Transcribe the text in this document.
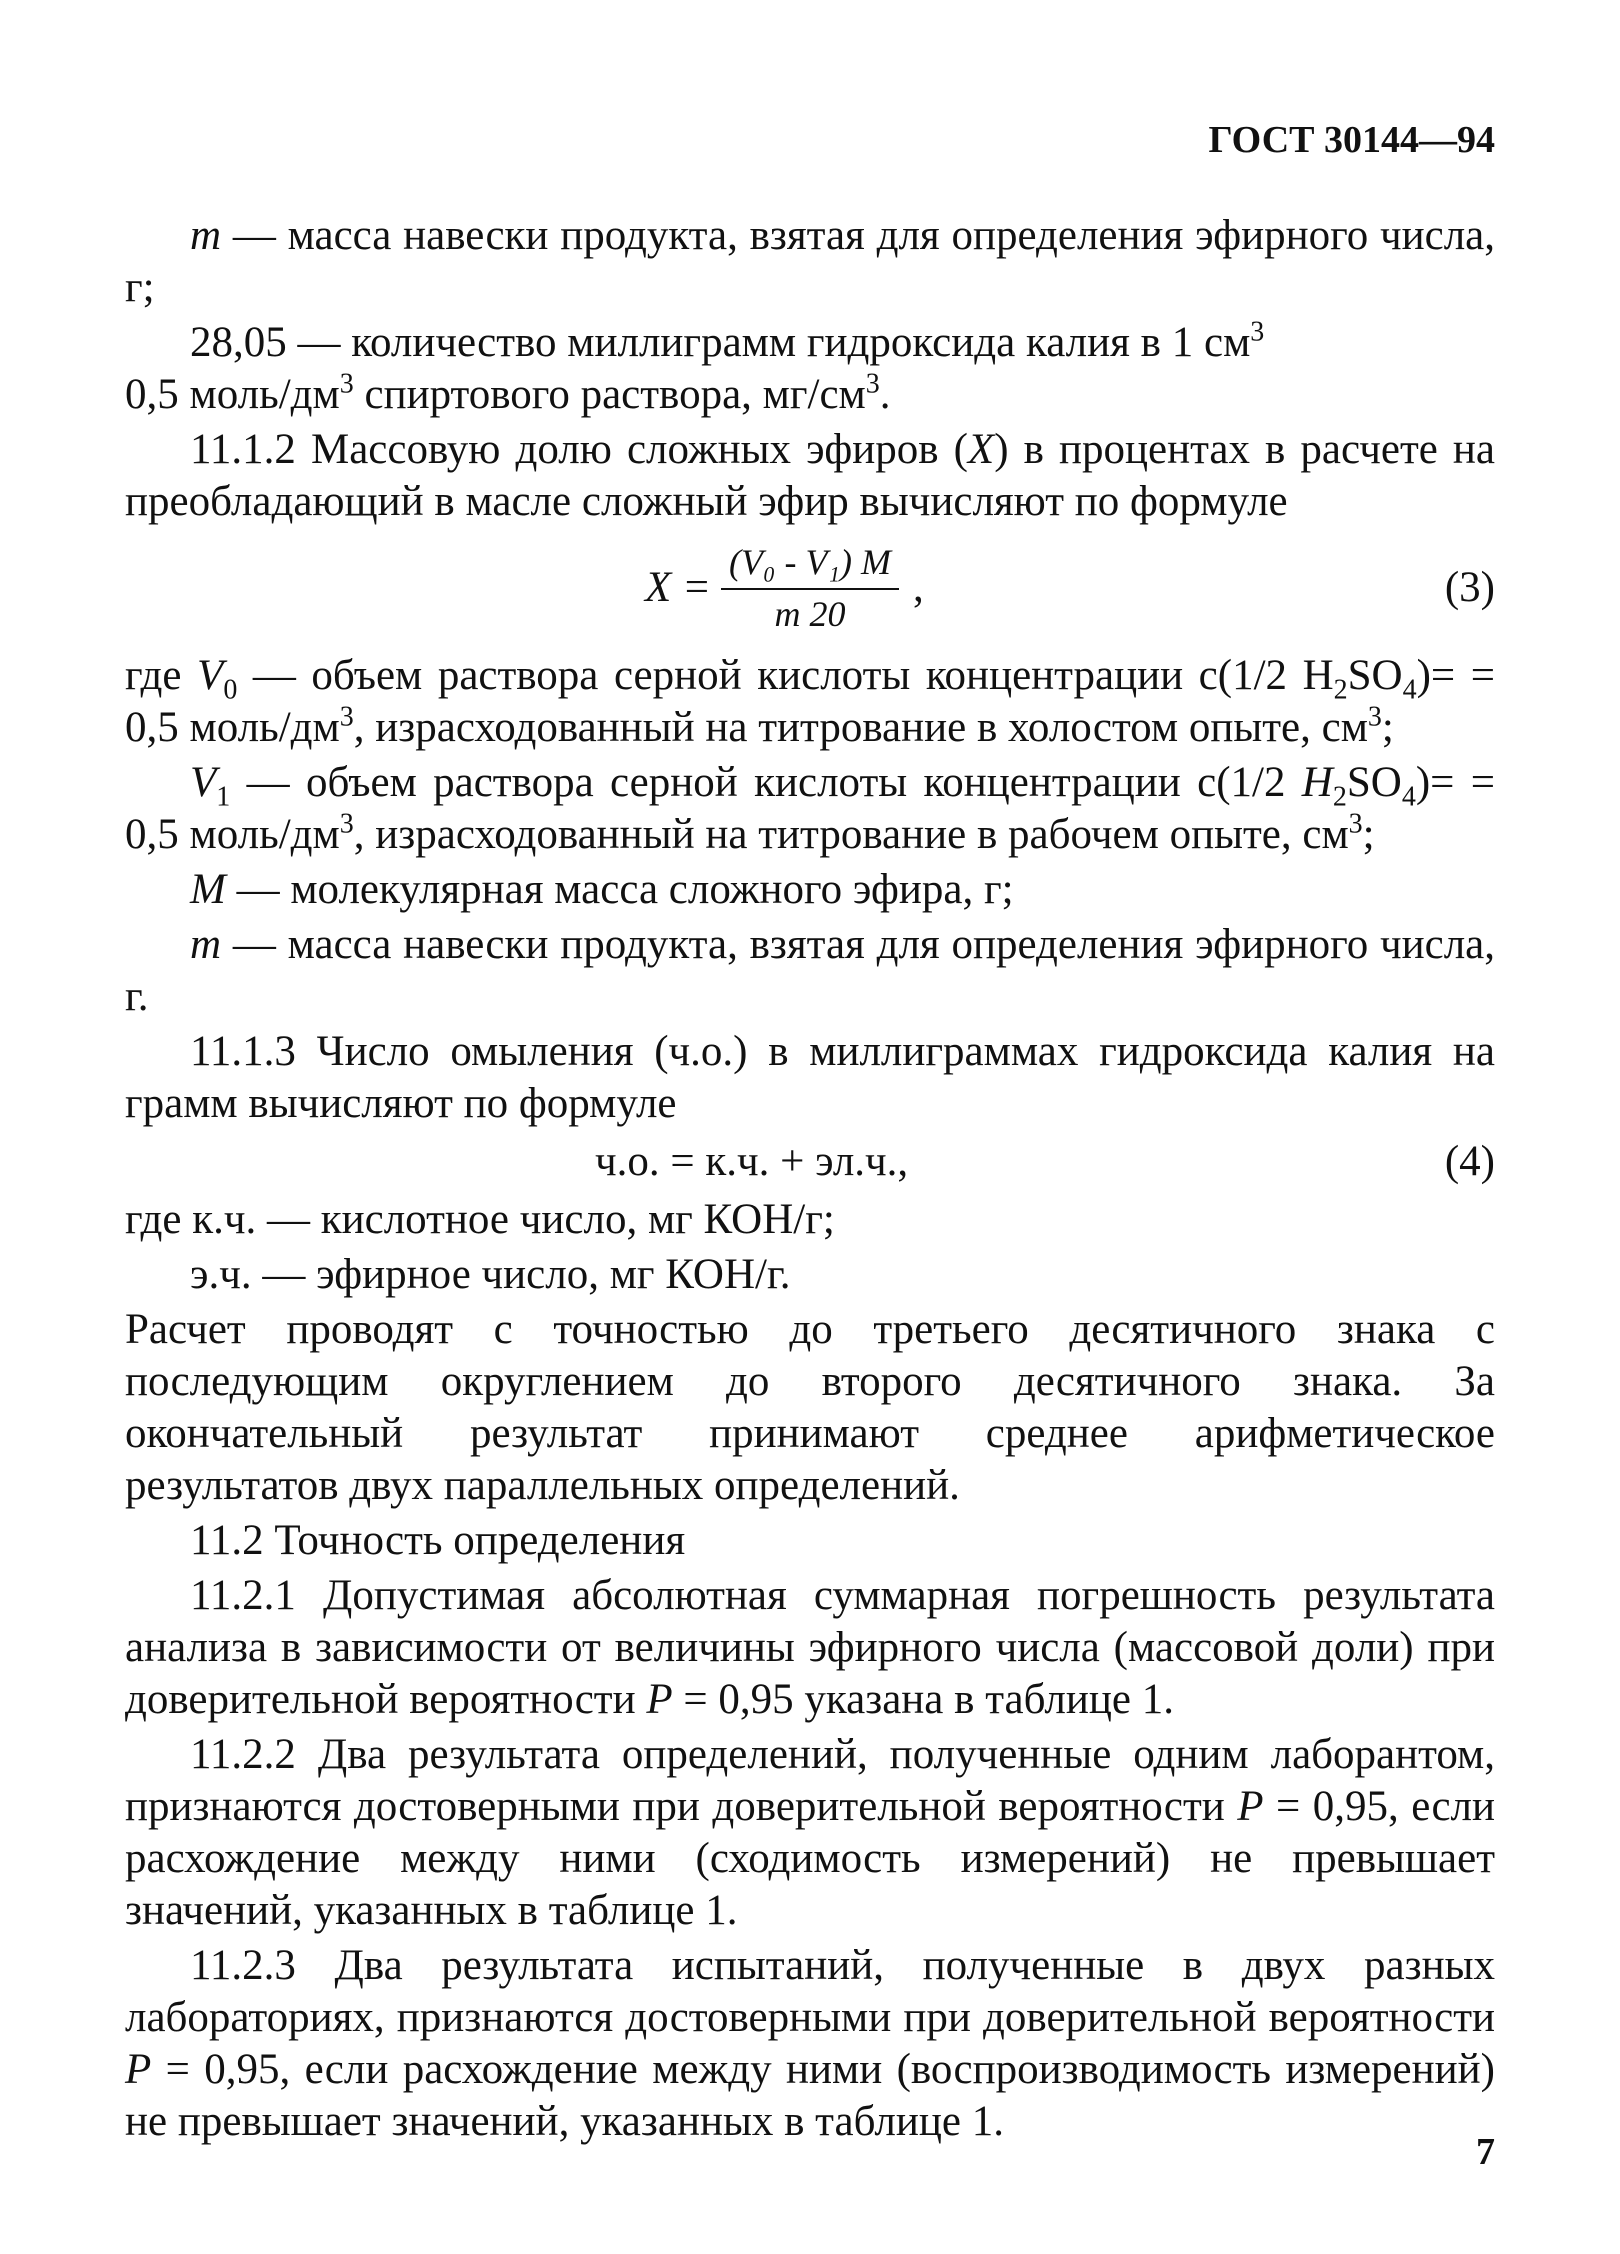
ГОСТ 30144—94

m — масса навески продукта, взятая для определения эфирного числа, г;

28,05 — количество миллиграмм гидроксида калия в 1 $см^3$
0,5 моль/$дм^3$ спиртового раствора, $мг/см^3$.

11.1.2 Массовую долю сложных эфиров (X) в процентах в расчете на преобладающий в масле сложный эфир вычисляют по формуле

$X = \frac{\text{(V₀ - V₁) M}}{m 20}$ ,	(3)

где $V_0$ — объем раствора серной кислоты концентрации c(1/2 $H_2SO_4)= = 0,5$ моль/$дм^3$, израсходованный на титрование в холостом опыте, $см^3$;

$V_1$ — объем раствора серной кислоты концентрации c(1/2 $H_2SO_4)= = 0,5$ моль/$дм^3$, израсходованный на титрование в рабочем опыте, $см^3$;

M — молекулярная масса сложного эфира, г;

m — масса навески продукта, взятая для определения эфирного числа, г.

11.1.3 Число омыления (ч.о.) в миллиграммах гидроксида калия на грамм вычисляют по формуле

ч.о. = к.ч. + эл.ч.,	(4)

где к.ч. — кислотное число, мг КОН/г;

э.ч. — эфирное число, мг КОН/г.

Расчет проводят с точностью до третьего десятичного знака с последующим округлением до второго десятичного знака. За окончательный результат принимают среднее арифметическое результатов двух параллельных определений.

11.2 Точность определения

11.2.1 Допустимая абсолютная суммарная погрешность результата анализа в зависимости от величины эфирного числа (массовой доли) при доверительной вероятности P = 0,95 указана в таблице 1.

11.2.2 Два результата определений, полученные одним лаборантом, признаются достоверными при доверительной вероятности P = 0,95, если расхождение между ними (сходимость измерений) не превышает значений, указанных в таблице 1.

11.2.3 Два результата испытаний, полученные в двух разных лабораториях, признаются достоверными при доверительной вероятности P = 0,95, если расхождение между ними (воспроизводимость измерений) не превышает значений, указанных в таблице 1.

7
